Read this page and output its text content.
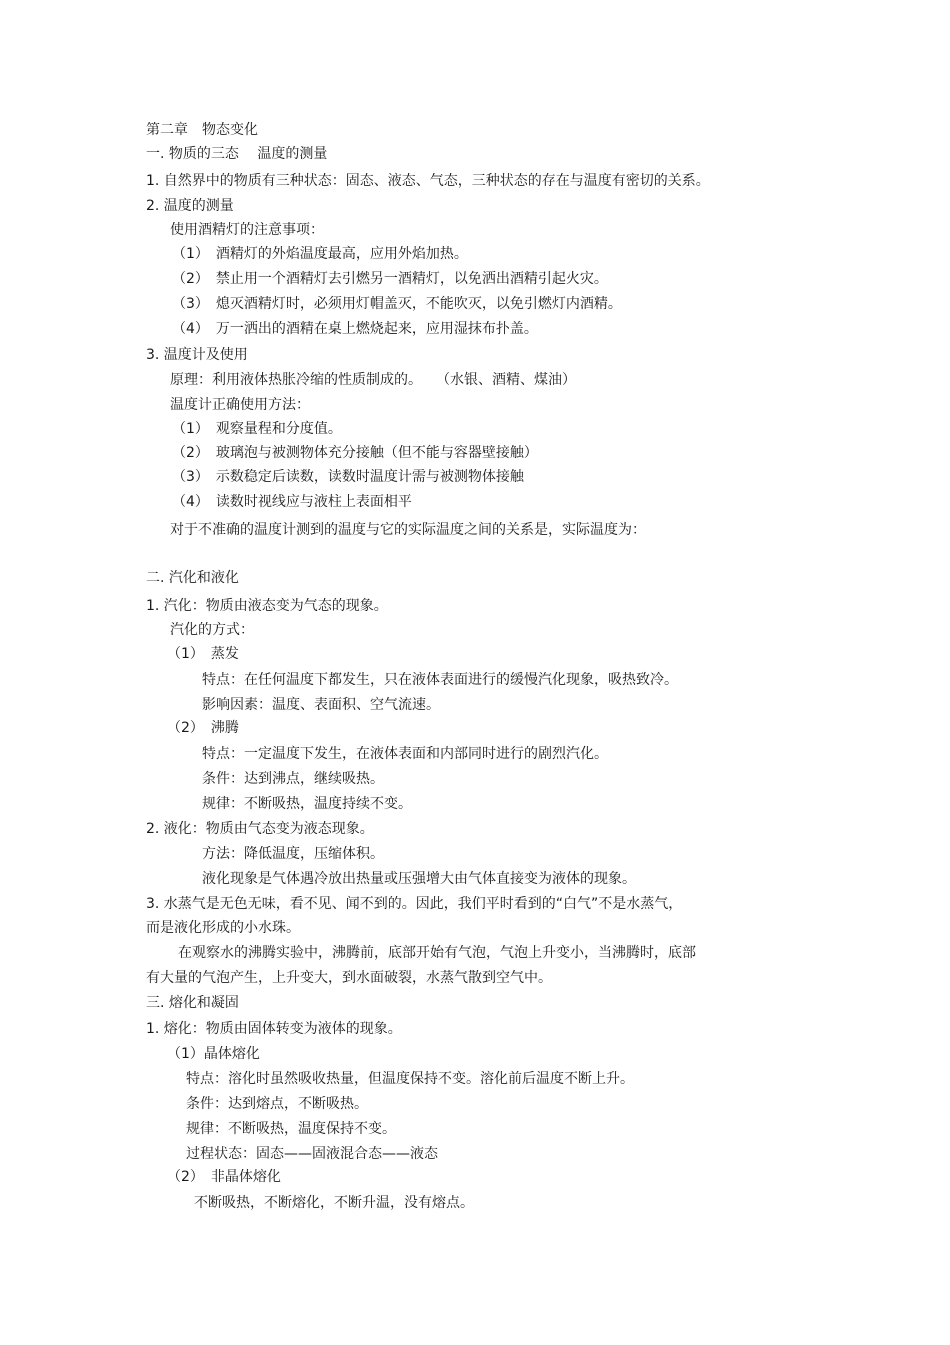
第二章　物态变化
一. 物质的三态　 温度的测量
1. 自然界中的物质有三种状态：固态、液态、气态，三种状态的存在与温度有密切的关系。
2. 温度的测量
使用酒精灯的注意事项：
（1）　酒精灯的外焰温度最高，应用外焰加热。
（2）　禁止用一个酒精灯去引燃另一酒精灯，以免洒出酒精引起火灾。
（3）　熄灭酒精灯时，必须用灯帽盖灭，不能吹灭，以免引燃灯内酒精。
（4）　万一洒出的酒精在桌上燃烧起来，应用湿抹布扑盖。
3. 温度计及使用
原理：利用液体热胀冷缩的性质制成的。　　（水银、酒精、煤油）
温度计正确使用方法：
（1）　观察量程和分度值。
（2）　玻璃泡与被测物体充分接触（但不能与容器壁接触）
（3）　示数稳定后读数，读数时温度计需与被测物体接触
（4）　读数时视线应与液柱上表面相平
对于不准确的温度计测到的温度与它的实际温度之间的关系是，实际温度为：
二. 汽化和液化
1. 汽化：物质由液态变为气态的现象。
汽化的方式：
（1）　蒸发
特点：在任何温度下都发生，只在液体表面进行的缓慢汽化现象，吸热致冷。
影响因素：温度、表面积、空气流速。
（2）　沸腾
特点：一定温度下发生，在液体表面和内部同时进行的剧烈汽化。
条件：达到沸点，继续吸热。
规律：不断吸热，温度持续不变。
2. 液化：物质由气态变为液态现象。
方法：降低温度，压缩体积。
液化现象是气体遇冷放出热量或压强增大由气体直接变为液体的现象。
3. 水蒸气是无色无味，看不见、闻不到的。因此，我们平时看到的“白气”不是水蒸气，
而是液化形成的小水珠。
在观察水的沸腾实验中，沸腾前，底部开始有气泡，气泡上升变小，当沸腾时，底部
有大量的气泡产生，上升变大，到水面破裂，水蒸气散到空气中。
三. 熔化和凝固
1. 熔化：物质由固体转变为液体的现象。
（1）晶体熔化
特点：溶化时虽然吸收热量，但温度保持不变。溶化前后温度不断上升。
条件：达到熔点，不断吸热。
规律：不断吸热，温度保持不变。
过程状态：固态——固液混合态——液态
（2）　非晶体熔化
不断吸热，不断熔化，不断升温，没有熔点。
